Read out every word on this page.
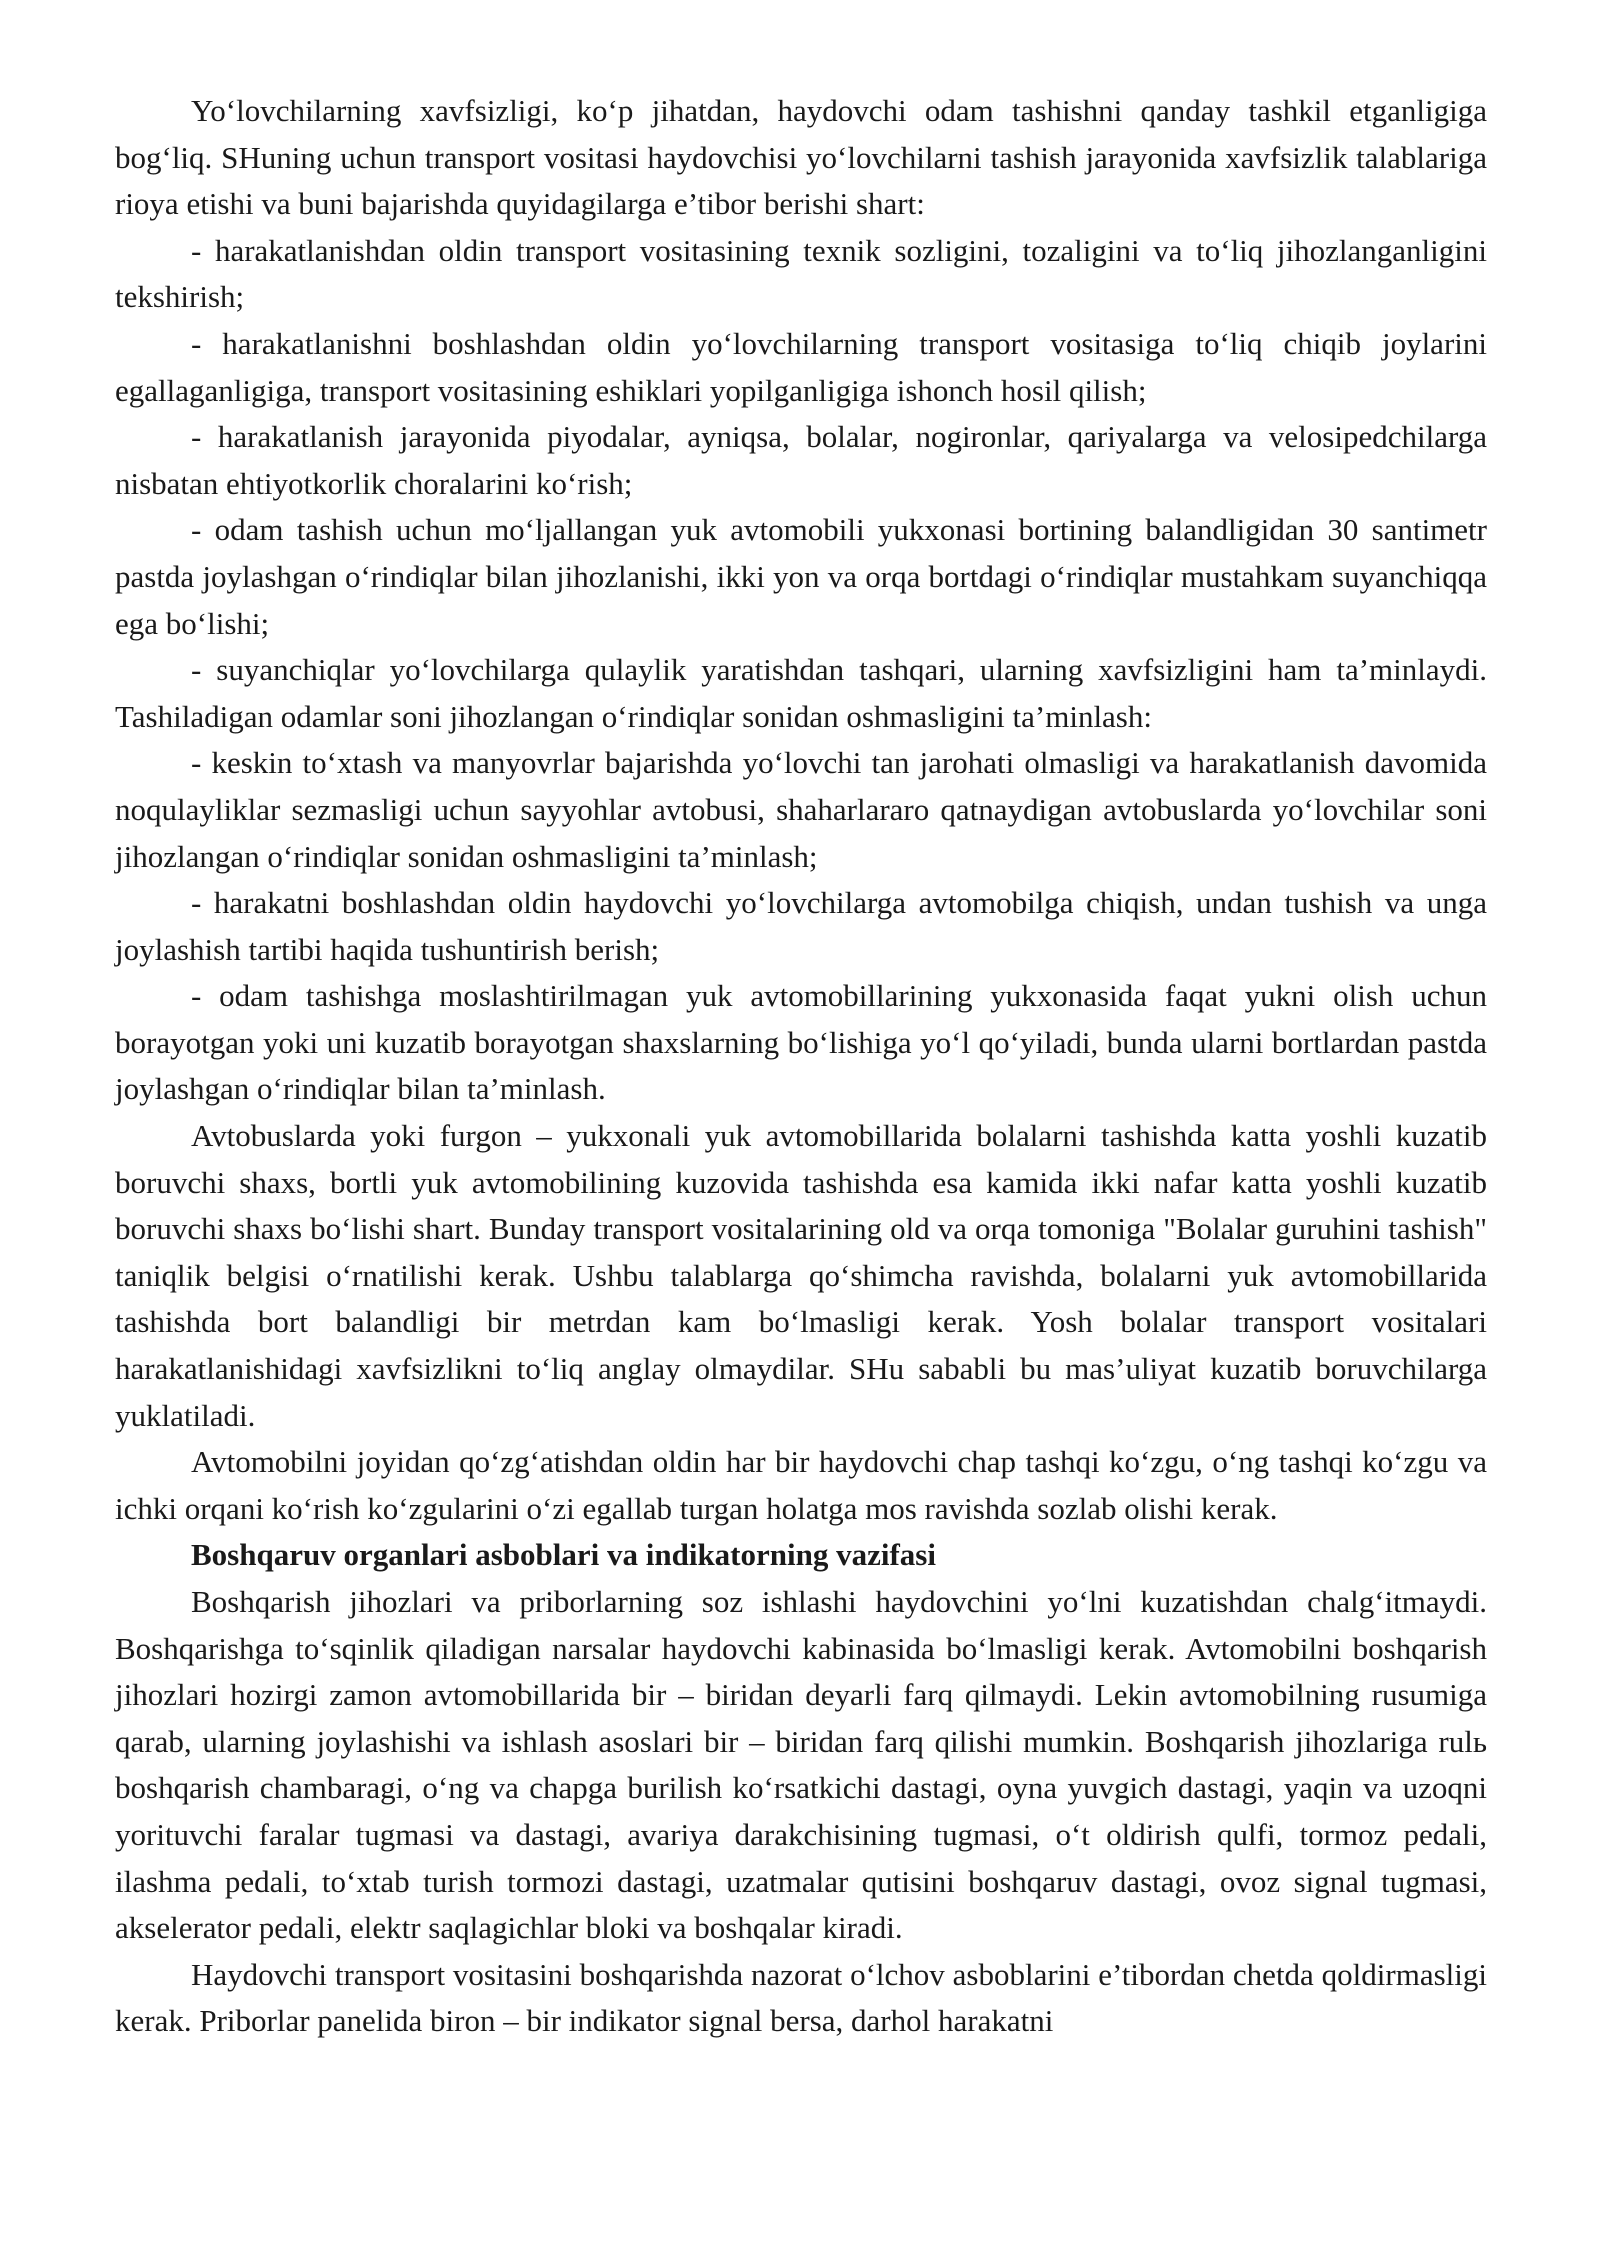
Yo‘lovchilarning xavfsizligi, ko‘p jihatdan, haydovchi odam tashishni qanday tashkil etganligiga bog‘liq. SHuning uchun transport vositasi haydovchisi yo‘lovchilarni tashish jarayonida xavfsizlik talablariga rioya etishi va buni bajarishda quyidagilarga e’tibor berishi shart:

- harakatlanishdan oldin transport vositasining texnik sozligini, tozaligini va to‘liq jihozlanganligini tekshirish;

- harakatlanishni boshlashdan oldin yo‘lovchilarning transport vositasiga to‘liq chiqib joylarini egallaganligiga, transport vositasining eshiklari yopilganligiga ishonch hosil qilish;

- harakatlanish jarayonida piyodalar, ayniqsa, bolalar, nogironlar, qariyalarga va velosipedchilarga nisbatan ehtiyotkorlik choralarini ko‘rish;

- odam tashish uchun mo‘ljallangan yuk avtomobili yukxonasi bortining balandligidan 30 santimetr pastda joylashgan o‘rindiqlar bilan jihozlanishi, ikki yon va orqa bortdagi o‘rindiqlar mustahkam suyanchiqqa ega bo‘lishi;

- suyanchiqlar yo‘lovchilarga qulaylik yaratishdan tashqari, ularning xavfsizligini ham ta’minlaydi. Tashiladigan odamlar soni jihozlangan o‘rindiqlar sonidan oshmasligini ta’minlash:

- keskin to‘xtash va manyovrlar bajarishda yo‘lovchi tan jarohati olmasligi va harakatlanish davomida noqulayliklar sezmasligi uchun sayyohlar avtobusi, shaharlararo qatnaydigan avtobuslarda yo‘lovchilar soni jihozlangan o‘rindiqlar sonidan oshmasligini ta’minlash;

- harakatni boshlashdan oldin haydovchi yo‘lovchilarga avtomobilga chiqish, undan tushish va unga joylashish tartibi haqida tushuntirish berish;

- odam tashishga moslashtirilmagan yuk avtomobillarining yukxonasida faqat yukni olish uchun borayotgan yoki uni kuzatib borayotgan shaxslarning bo‘lishiga yo‘l qo‘yiladi, bunda ularni bortlardan pastda joylashgan o‘rindiqlar bilan ta’minlash.

Avtobuslarda yoki furgon – yukxonali yuk avtomobillarida bolalarni tashishda katta yoshli kuzatib boruvchi shaxs, bortli yuk avtomobilining kuzovida tashishda esa kamida ikki nafar katta yoshli kuzatib boruvchi shaxs bo‘lishi shart. Bunday transport vositalarining old va orqa tomoniga "Bolalar guruhini tashish" taniqlik belgisi o‘rnatilishi kerak. Ushbu talablarga qo‘shimcha ravishda, bolalarni yuk avtomobillarida tashishda bort balandligi bir metrdan kam bo‘lmasligi kerak. Yosh bolalar transport vositalari harakatlanishidagi xavfsizlikni to‘liq anglay olmaydilar. SHu sababli bu mas’uliyat kuzatib boruvchilarga yuklatiladi.

Avtomobilni joyidan qo‘zg‘atishdan oldin har bir haydovchi chap tashqi ko‘zgu, o‘ng tashqi ko‘zgu va ichki orqani ko‘rish ko‘zgularini o‘zi egallab turgan holatga mos ravishda sozlab olishi kerak.

Boshqaruv organlari asboblari va indikatorning vazifasi

Boshqarish jihozlari va priborlarning soz ishlashi haydovchini yo‘lni kuzatishdan chalg‘itmaydi. Boshqarishga to‘sqinlik qiladigan narsalar haydovchi kabinasida bo‘lmasligi kerak. Avtomobilni boshqarish jihozlari hozirgi zamon avtomobillarida bir – biridan deyarli farq qilmaydi. Lekin avtomobilning rusumiga qarab, ularning joylashishi va ishlash asoslari bir – biridan farq qilishi mumkin. Boshqarish jihozlariga rulь boshqarish chambaragi, o‘ng va chapga burilish ko‘rsatkichi dastagi, oyna yuvgich dastagi, yaqin va uzoqni yorituvchi faralar tugmasi va dastagi, avariya darakchisining tugmasi, o‘t oldirish qulfi, tormoz pedali, ilashma pedali, to‘xtab turish tormozi dastagi, uzatmalar qutisini boshqaruv dastagi, ovoz signal tugmasi, akselerator pedali, elektr saqlagichlar bloki va boshqalar kiradi.

Haydovchi transport vositasini boshqarishda nazorat o‘lchov asboblarini e’tibordan chetda qoldirmasligi kerak. Priborlar panelida biron – bir indikator signal bersa, darhol harakatni
